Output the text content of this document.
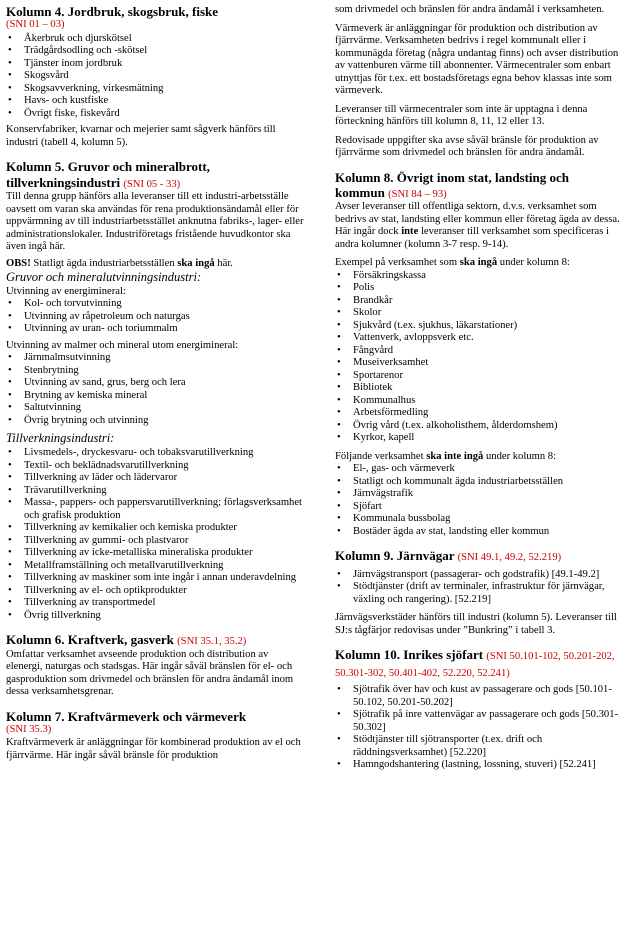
Kolumn 4. Jordbruk, skogsbruk, fiske
(SNI 01 – 03)
• Åkerbruk och djurskötsel
• Trädgårdsodling och -skötsel
• Tjänster inom jordbruk
• Skogsvård
• Skogsavverkning, virkesmätning
• Havs- och kustfiske
• Övrigt fiske, fiskevård

Konservfabriker, kvarnar och mejerier samt sågverk hänförs till industri (tabell 4, kolumn 5).

Kolumn 5. Gruvor och mineralbrott,
tillverkningsindustri (SNI 05 - 33)

Till denna grupp hänförs alla leveranser till ett industri-arbetsställe oavsett om varan ska användas för rena produktionsändamål eller för uppvärmning av till industriarbetsstället anknutna fabriks-, lager- eller administrationslokaler. Industriföretags fristående huvudkontor ska även ingå här.

OBS! Statligt ägda industriarbetsställen ska ingå här.

Gruvor och mineralutvinningsindustri:

Utvinning av energimineral:

• Kol- och torvutvinning
• Utvinning av råpetroleum och naturgas
• Utvinning av uran- och toriummalm

Utvinning av malmer och mineral utom energimineral:

• Järnmalmsutvinning
• Stenbrytning
• Utvinning av sand, grus, berg och lera
• Brytning av kemiska mineral
• Saltutvinning
• Övrig brytning och utvinning
Tillverkningsindustri:
• Livsmedels-, dryckesvaru- och tobaksvarutillverkning
• Textil- och beklädnadsvarutillverkning
• Tillverkning av läder och lädervaror
• Trävarutillverkning
• Massa-, pappers- och pappersvarutillverkning; förlagsverksamhet och grafisk produktion
• Tillverkning av kemikalier och kemiska produkter
• Tillverkning av gummi- och plastvaror
• Tillverkning av icke-metalliska mineraliska produkter
• Metallframställning och metallvarutillverkning
• Tillverkning av maskiner som inte ingår i annan underavdelning
• Tillverkning av el- och optikprodukter
• Tillverkning av transportmedel
• Övrig tillverkning
Kolumn 6. Kraftverk, gasverk (SNI 35.1, 35.2)

Omfattar verksamhet avseende produktion och distribution av elenergi, naturgas och stadsgas. Här ingår såväl bränslen för el- och gasproduktion som drivmedel och bränslen för andra ändamål inom dessa verksamhetsgrenar.

Kolumn 7. Kraftvärmeverk och värmeverk
(SNI 35.3)

Kraftvärmeverk är anläggningar för kombinerad produktion av el och fjärrvärme. Här ingår såväl bränsle för produktion

som drivmedel och bränslen för andra ändamål i verksamheten.

Värmeverk är anläggningar för produktion och distribution av fjärrvärme. Verksamheten bedrivs i regel kommunalt eller i kommunägda företag (några undantag finns) och avser distribution av vattenburen värme till abonnenter. Värmecentraler som enbart utnyttjas för t.ex. ett bostadsföretags egna behov klassas inte som värmeverk.

Leveranser till värmecentraler som inte är upptagna i denna förteckning hänförs till kolumn 8, 11, 12 eller 13.

Redovisade uppgifter ska avse såväl bränsle för produktion av fjärrvärme som drivmedel och bränslen för andra ändamål.

Kolumn 8. Övrigt inom stat, landsting och
kommun (SNI 84 – 93)

Avser leveranser till offentliga sektorn, d.v.s. verksamhet som bedrivs av stat, landsting eller kommun eller företag ägda av dessa. Här ingår dock inte leveranser till verksamhet som specificeras i andra kolumner (kolumn 3-7 resp. 9-14).

Exempel på verksamhet som ska ingå under kolumn 8:

• Försäkringskassa
• Polis
• Brandkår
• Skolor
• Sjukvård (t.ex. sjukhus, läkarstationer)
• Vattenverk, avloppsverk etc.
• Fångvård
• Museiverksamhet
• Sportarenor
• Bibliotek
• Kommunalhus
• Arbetsförmedling
• Övrig vård (t.ex. alkoholisthem, ålderdomshem)
• Kyrkor, kapell

Följande verksamhet ska inte ingå under kolumn 8:

• El-, gas- och värmeverk
• Statligt och kommunalt ägda industriarbetsställen
• Järnvägstrafik
• Sjöfart
• Kommunala bussbolag
• Bostäder ägda av stat, landsting eller kommun
Kolumn 9. Järnvägar (SNI 49.1, 49.2, 52.219)
• Järnvägstransport (passagerar- och godstrafik) [49.1-49.2]
• Stödtjänster (drift av terminaler, infrastruktur för järnvägar, växling och rangering). [52.219]

Järnvägsverkstäder hänförs till industri (kolumn 5). Leveranser till SJ:s tågfärjor redovisas under ”Bunkring” i tabell 3.

Kolumn 10. Inrikes sjöfart (SNI 50.101-102, 50.201-202, 50.301-302, 50.401-402, 52.220, 52.241)
• Sjötrafik över hav och kust av passagerare och gods [50.101-50.102, 50.201-50.202]
• Sjötrafik på inre vattenvägar av passagerare och gods [50.301-50.302]
• Stödtjänster till sjötransporter (t.ex. drift och räddningsverksamhet) [52.220]
• Hamngodshantering (lastning, lossning, stuveri) [52.241]
